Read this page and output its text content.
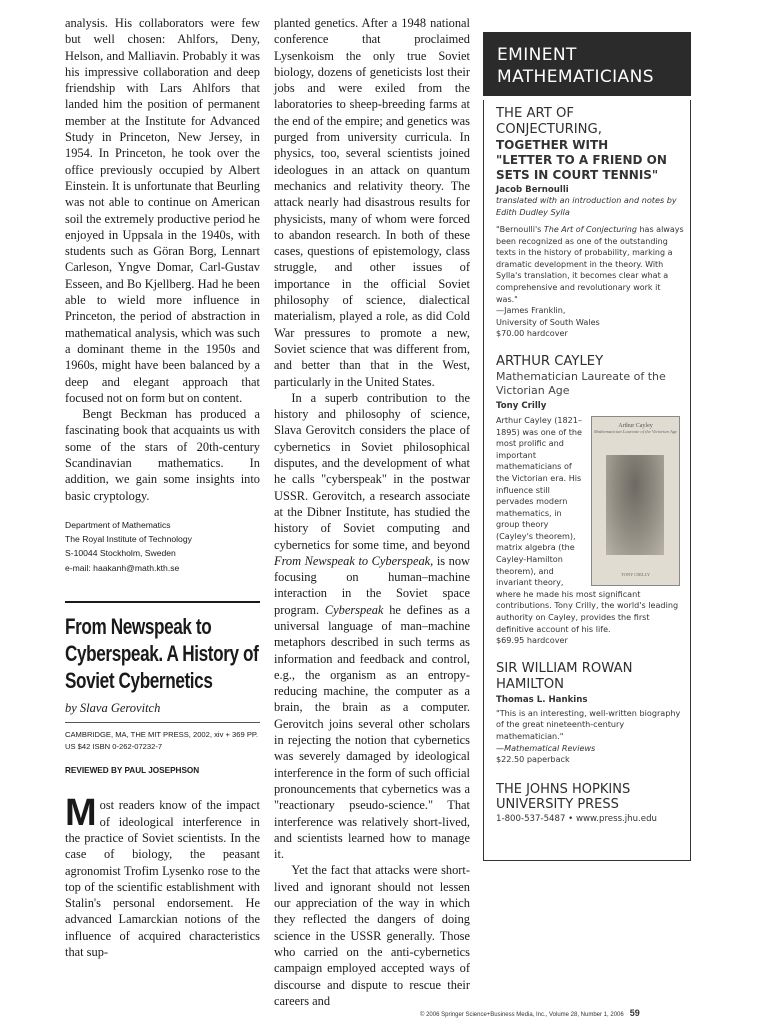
analysis. His collaborators were few but well chosen: Ahlfors, Deny, Helson, and Malliavin. Probably it was his impressive collaboration and deep friendship with Lars Ahlfors that landed him the position of permanent member at the Institute for Advanced Study in Princeton, New Jersey, in 1954. In Princeton, he took over the office previously occupied by Albert Einstein. It is unfortunate that Beurling was not able to continue on American soil the extremely productive period he enjoyed in Uppsala in the 1940s, with students such as Göran Borg, Lennart Carleson, Yngve Domar, Carl-Gustav Esseen, and Bo Kjellberg. Had he been able to wield more influence in Princeton, the period of abstraction in mathematical analysis, which was such a dominant theme in the 1950s and 1960s, might have been balanced by a deep and elegant approach that focused not on form but on content.

Bengt Beckman has produced a fascinating book that acquaints us with some of the stars of 20th-century Scandinavian mathematics. In addition, we gain some insights into basic cryptology.

Department of Mathematics
The Royal Institute of Technology
S-10044 Stockholm, Sweden
e-mail: haakanh@math.kth.se
From Newspeak to Cyberspeak. A History of Soviet Cybernetics
by Slava Gerovitch
CAMBRIDGE, MA, THE MIT PRESS, 2002, xiv + 369 PP.
US $42 ISBN 0-262-07232-7
REVIEWED BY PAUL JOSEPHSON

Most readers know of the impact of ideological interference in the practice of Soviet scientists. In the case of biology, the peasant agronomist Trofim Lysenko rose to the top of the scientific establishment with Stalin's personal endorsement. He advanced Lamarckian notions of the influence of acquired characteristics that sup-

planted genetics. After a 1948 national conference that proclaimed Lysenkoism the only true Soviet biology, dozens of geneticists lost their jobs and were exiled from the laboratories to sheep-breeding farms at the end of the empire; and genetics was purged from university curricula. In physics, too, several scientists joined ideologues in an attack on quantum mechanics and relativity theory. The attack nearly had disastrous results for physicists, many of whom were forced to abandon research. In both of these cases, questions of epistemology, class struggle, and other issues of importance in the official Soviet philosophy of science, dialectical materialism, played a role, as did Cold War pressures to promote a new, Soviet science that was different from, and better than that in the West, particularly in the United States.

In a superb contribution to the history and philosophy of science, Slava Gerovitch considers the place of cybernetics in Soviet philosophical disputes, and the development of what he calls "cyberspeak" in the postwar USSR. Gerovitch, a research associate at the Dibner Institute, has studied the history of Soviet computing and cybernetics for some time, and beyond From Newspeak to Cyberspeak, is now focusing on human–machine interaction in the Soviet space program. Cyberspeak he defines as a universal language of man–machine metaphors described in such terms as information and feedback and control, e.g., the organism as an entropy-reducing machine, the computer as a brain, the brain as a computer. Gerovitch joins several other scholars in rejecting the notion that cybernetics was severely damaged by ideological interference in the form of such official pronouncements that cybernetics was a "reactionary pseudo-science." That interference was relatively short-lived, and scientists learned how to manage it.

Yet the fact that attacks were short-lived and ignorant should not lessen our appreciation of the way in which they reflected the dangers of doing science in the USSR generally. Those who carried on the anti-cybernetics campaign employed accepted ways of discourse and dispute to rescue their careers and

EMINENT
MATHEMATICIANS
THE ART OF
CONJECTURING,
TOGETHER WITH
"LETTER TO A FRIEND ON
SETS IN COURT TENNIS"
Jacob Bernoulli
translated with an introduction and notes by Edith Dudley Sylla
"Bernoulli's The Art of Conjecturing has always been recognized as one of the outstanding texts in the history of probability, marking a dramatic development in the theory. With Sylla's translation, it becomes clear what a comprehensive and revolutionary work it was."
—James Franklin,
University of South Wales
$70.00 hardcover
ARTHUR CAYLEY
Mathematician Laureate of the Victorian Age
Tony Crilly
Arthur Cayley
Mathematician Laureate of the Victorian Age
TONY CRILLY
Arthur Cayley (1821–1895) was one of the most prolific and important mathematicians of the Victorian era. His influence still pervades modern mathematics, in group theory (Cayley's theorem), matrix algebra (the Cayley-Hamilton theorem), and invariant theory, where he made his most significant contributions. Tony Crilly, the world's leading authority on Cayley, provides the first definitive account of his life.
$69.95 hardcover
SIR WILLIAM ROWAN
HAMILTON
Thomas L. Hankins
"This is an interesting, well-written biography of the great nineteenth-century mathematician."
—Mathematical Reviews
$22.50 paperback
THE JOHNS HOPKINS
UNIVERSITY PRESS
1-800-537-5487 • www.press.jhu.edu
© 2006 Springer Science+Business Media, Inc., Volume 28, Number 1, 2006 59
